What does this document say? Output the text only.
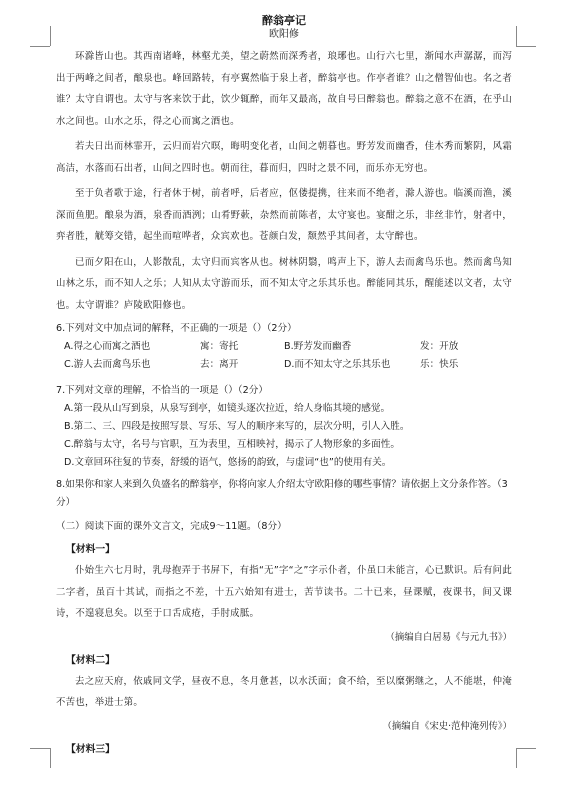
醉翁亭记
欧阳修

环滁皆山也。其西南诸峰，林壑尤美，望之蔚然而深秀者，琅琊也。山行六七里，渐闻水声潺潺，而泻出于两峰之间者，酿泉也。峰回路转，有亭翼然临于泉上者，醉翁亭也。作亭者谁？山之僧智仙也。名之者谁？太守自谓也。太守与客来饮于此，饮少辄醉，而年又最高，故自号曰醉翁也。醉翁之意不在酒，在乎山水之间也。山水之乐，得之心而寓之酒也。

若夫日出而林霏开，云归而岩穴暝，晦明变化者，山间之朝暮也。野芳发而幽香，佳木秀而繁阴，风霜高洁，水落而石出者，山间之四时也。朝而往，暮而归，四时之景不同，而乐亦无穷也。

至于负者歌于途，行者休于树，前者呼，后者应，伛偻提携，往来而不绝者，滁人游也。临溪而渔，溪深而鱼肥。酿泉为酒，泉香而酒洌；山肴野蔌，杂然而前陈者，太守宴也。宴酣之乐，非丝非竹，射者中，弈者胜，觥筹交错，起坐而喧哗者，众宾欢也。苍颜白发，颓然乎其间者，太守醉也。

已而夕阳在山，人影散乱，太守归而宾客从也。树林阴翳，鸣声上下，游人去而禽鸟乐也。然而禽鸟知山林之乐，而不知人之乐；人知从太守游而乐，而不知太守之乐其乐也。醉能同其乐，醒能述以文者，太守也。太守谓谁？庐陵欧阳修也。

6.下列对文中加点词的解释，不正确的一项是（）（2分）
A.得之心而寓之酒也	寓：寄托	B.野芳发而幽香	发：开放
C.游人去而禽鸟乐也	去：离开	D.而不知太守之乐其乐也	乐：快乐
7.下列对文章的理解，不恰当的一项是（）（2分）
A.第一段从山写到泉，从泉写到亭，如镜头逐次拉近，给人身临其境的感觉。
B.第二、三、四段是按照写景、写乐、写人的顺序来写的，层次分明，引人入胜。
C.醉翁与太守，名号与官职，互为表里，互相映衬，揭示了人物形象的多面性。
D.文章回环往复的节奏，舒缓的语气，悠扬的韵致，与虚词“也”的使用有关。
8.如果你和家人来到久负盛名的醉翁亭，你将向家人介绍太守欧阳修的哪些事情？请依据上文分条作答。（3分）
（二）阅读下面的课外文言文，完成9～11题。（8分）
【材料一】

仆始生六七月时，乳母抱弄于书屏下，有指“无”字“之”字示仆者，仆虽口未能言，心已默识。后有问此二字者，虽百十其试，而指之不差，十五六始知有进士，苦节读书。二十已来，昼课赋，夜课书，间又课诗，不遑寝息矣。以至于口舌成疮，手肘成胝。

（摘编自白居易《与元九书》）
【材料二】

去之应天府，依戚同文学，昼夜不息，冬月惫甚，以水沃面；食不给，至以糜粥继之，人不能堪，仲淹不苦也，举进士第。

（摘编自《宋史·范仲淹列传》）
【材料三】
